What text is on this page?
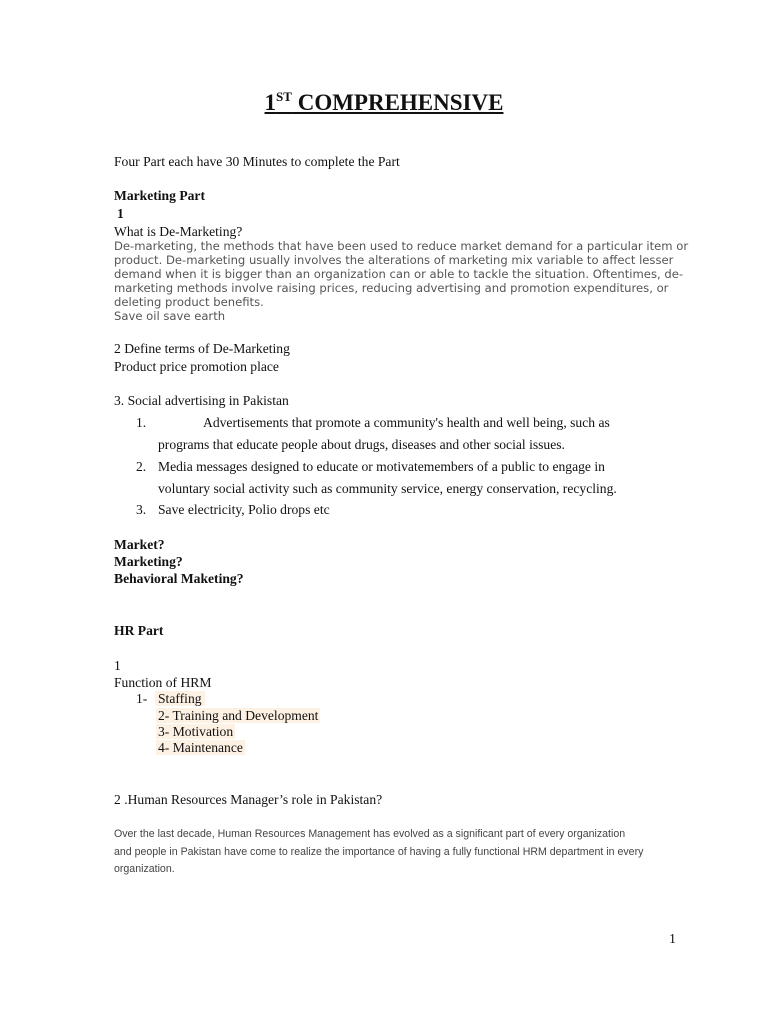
1ST COMPREHENSIVE
Four Part each have 30 Minutes to complete the Part
Marketing Part
1
What is De-Marketing?
De-marketing, the methods that have been used to reduce market demand for a particular item or
product. De-marketing usually involves the alterations of marketing mix variable to affect lesser
demand when it is bigger than an organization can or able to tackle the situation. Oftentimes, de-
marketing methods involve raising prices, reducing advertising and promotion expenditures, or
deleting product benefits.
Save oil save earth
2 Define terms of De-Marketing
Product price promotion place
3. Social advertising in Pakistan
1.	Advertisements that promote a community's health and well being, such as
programs that educate people about drugs, diseases and other social issues.
2. Media messages designed to educate or motivatemembers of a public to engage in
voluntary social activity such as community service, energy conservation, recycling.
3. Save electricity, Polio drops etc
Market?
Marketing?
Behavioral Maketing?
HR Part
1
Function of HRM
1- Staffing
2- Training and Development
3- Motivation
4- Maintenance
2 .Human Resources Manager’s role in Pakistan?
Over the last decade, Human Resources Management has evolved as a significant part of every organization
and people in Pakistan have come to realize the importance of having a fully functional HRM department in every
organization.
1
